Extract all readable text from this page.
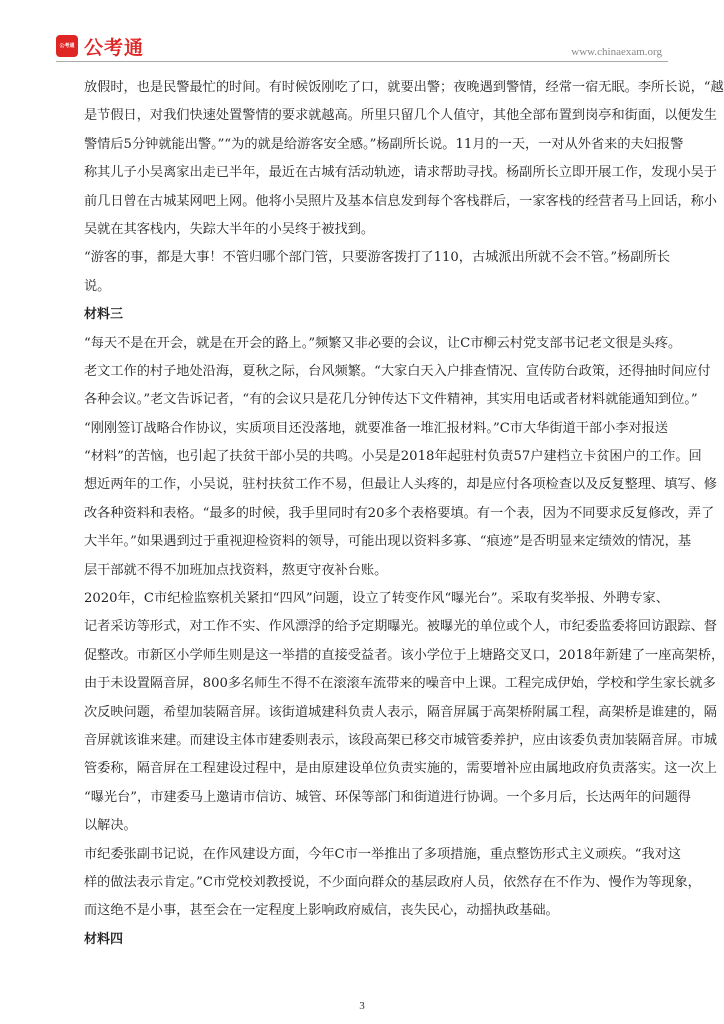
公考通 公考通	www.chinaexam.org
放假时，也是民警最忙的时间。有时候饭刚吃了口，就要出警；夜晚遇到警情，经常一宿无眠。李所长说，“越
是节假日，对我们快速处置警情的要求就越高。所里只留几个人值守，其他全部布置到岗亭和街面，以便发生
警情后5分钟就能出警。”“为的就是给游客安全感。”杨副所长说。11月的一天，一对从外省来的夫妇报警
称其儿子小吴离家出走已半年，最近在古城有活动轨迹，请求帮助寻找。杨副所长立即开展工作，发现小吴于
前几日曾在古城某网吧上网。他将小吴照片及基本信息发到每个客栈群后，一家客栈的经营者马上回话，称小
吴就在其客栈内，失踪大半年的小吴终于被找到。
“游客的事，都是大事！不管归哪个部门管，只要游客拨打了110，古城派出所就不会不管。”杨副所长
说。
材料三
“每天不是在开会，就是在开会的路上。”频繁又非必要的会议，让C市柳云村党支部书记老文很是头疼。
老文工作的村子地处沿海，夏秋之际，台风频繁。“大家白天入户排查情况、宣传防台政策，还得抽时间应付
各种会议。”老文告诉记者，“有的会议只是花几分钟传达下文件精神，其实用电话或者材料就能通知到位。”
“刚刚签订战略合作协议，实质项目还没落地，就要准备一堆汇报材料。”C市大华街道干部小李对报送
“材料”的苦恼，也引起了扶贫干部小吴的共鸣。小吴是2018年起驻村负责57户建档立卡贫困户的工作。回
想近两年的工作，小吴说，驻村扶贫工作不易，但最让人头疼的，却是应付各项检查以及反复整理、填写、修
改各种资料和表格。“最多的时候，我手里同时有20多个表格要填。有一个表，因为不同要求反复修改，弄了
大半年。”如果遇到过于重视迎检资料的领导，可能出现以资料多寡、“痕迹”是否明显来定绩效的情况，基
层干部就不得不加班加点找资料，熬更守夜补台账。
2020年，C市纪检监察机关紧扣“四风”问题，设立了转变作风“曝光台”。采取有奖举报、外聘专家、
记者采访等形式，对工作不实、作风漂浮的给予定期曝光。被曝光的单位或个人，市纪委监委将回访跟踪、督
促整改。市新区小学师生则是这一举措的直接受益者。该小学位于上塘路交叉口，2018年新建了一座高架桥，
由于未设置隔音屏，800多名师生不得不在滚滚车流带来的噪音中上课。工程完成伊始，学校和学生家长就多
次反映问题，希望加装隔音屏。该街道城建科负责人表示，隔音屏属于高架桥附属工程，高架桥是谁建的，隔
音屏就该谁来建。而建设主体市建委则表示，该段高架已移交市城管委养护，应由该委负责加装隔音屏。市城
管委称，隔音屏在工程建设过程中，是由原建设单位负责实施的，需要增补应由属地政府负责落实。这一次上
“曝光台”，市建委马上邀请市信访、城管、环保等部门和街道进行协调。一个多月后，长达两年的问题得
以解决。
市纪委张副书记说，在作风建设方面，今年C市一举推出了多项措施，重点整饬形式主义顽疾。“我对这
样的做法表示肯定。”C市党校刘教授说，不少面向群众的基层政府人员，依然存在不作为、慢作为等现象，
而这绝不是小事，甚至会在一定程度上影响政府威信，丧失民心，动摇执政基础。
材料四
3
